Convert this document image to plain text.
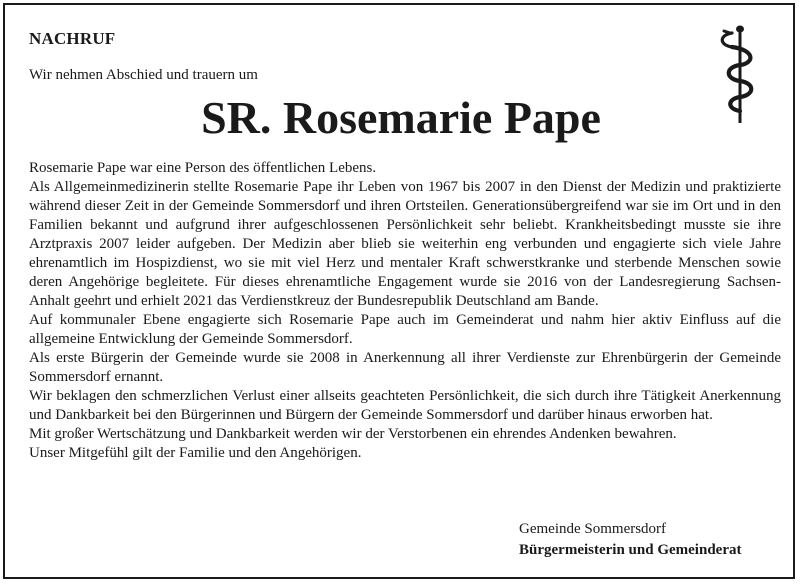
NACHRUF

Wir nehmen Abschied und trauern um

SR. Rosemarie Pape

Rosemarie Pape war eine Person des öffentlichen Lebens.

Als Allgemeinmedizinerin stellte Rosemarie Pape ihr Leben von 1967 bis 2007 in den Dienst der Medizin und praktizierte während dieser Zeit in der Gemeinde Sommersdorf und ihren Ortsteilen. Generationsübergreifend war sie im Ort und in den Familien bekannt und aufgrund ihrer aufgeschlossenen Persönlichkeit sehr beliebt. Krankheitsbedingt musste sie ihre Arztpraxis 2007 leider aufgeben. Der Medizin aber blieb sie weiterhin eng verbunden und engagierte sich viele Jahre ehrenamtlich im Hospizdienst, wo sie mit viel Herz und mentaler Kraft schwerstkranke und sterbende Menschen sowie deren Angehörige begleitete. Für dieses ehrenamtliche Engagement wurde sie 2016 von der Landesregierung Sachsen-Anhalt geehrt und erhielt 2021 das Verdienstkreuz der Bundesrepublik Deutschland am Bande.

Auf kommunaler Ebene engagierte sich Rosemarie Pape auch im Gemeinderat und nahm hier aktiv Einfluss auf die allgemeine Entwicklung der Gemeinde Sommersdorf.

Als erste Bürgerin der Gemeinde wurde sie 2008 in Anerkennung all ihrer Verdienste zur Ehrenbürgerin der Gemeinde Sommersdorf ernannt.

Wir beklagen den schmerzlichen Verlust einer allseits geachteten Persönlichkeit, die sich durch ihre Tätigkeit Anerkennung und Dankbarkeit bei den Bürgerinnen und Bürgern der Gemeinde Sommersdorf und darüber hinaus erworben hat.

Mit großer Wertschätzung und Dankbarkeit werden wir der Verstorbenen ein ehrendes Andenken bewahren.

Unser Mitgefühl gilt der Familie und den Angehörigen.

Gemeinde Sommersdorf
Bürgermeisterin und Gemeinderat
